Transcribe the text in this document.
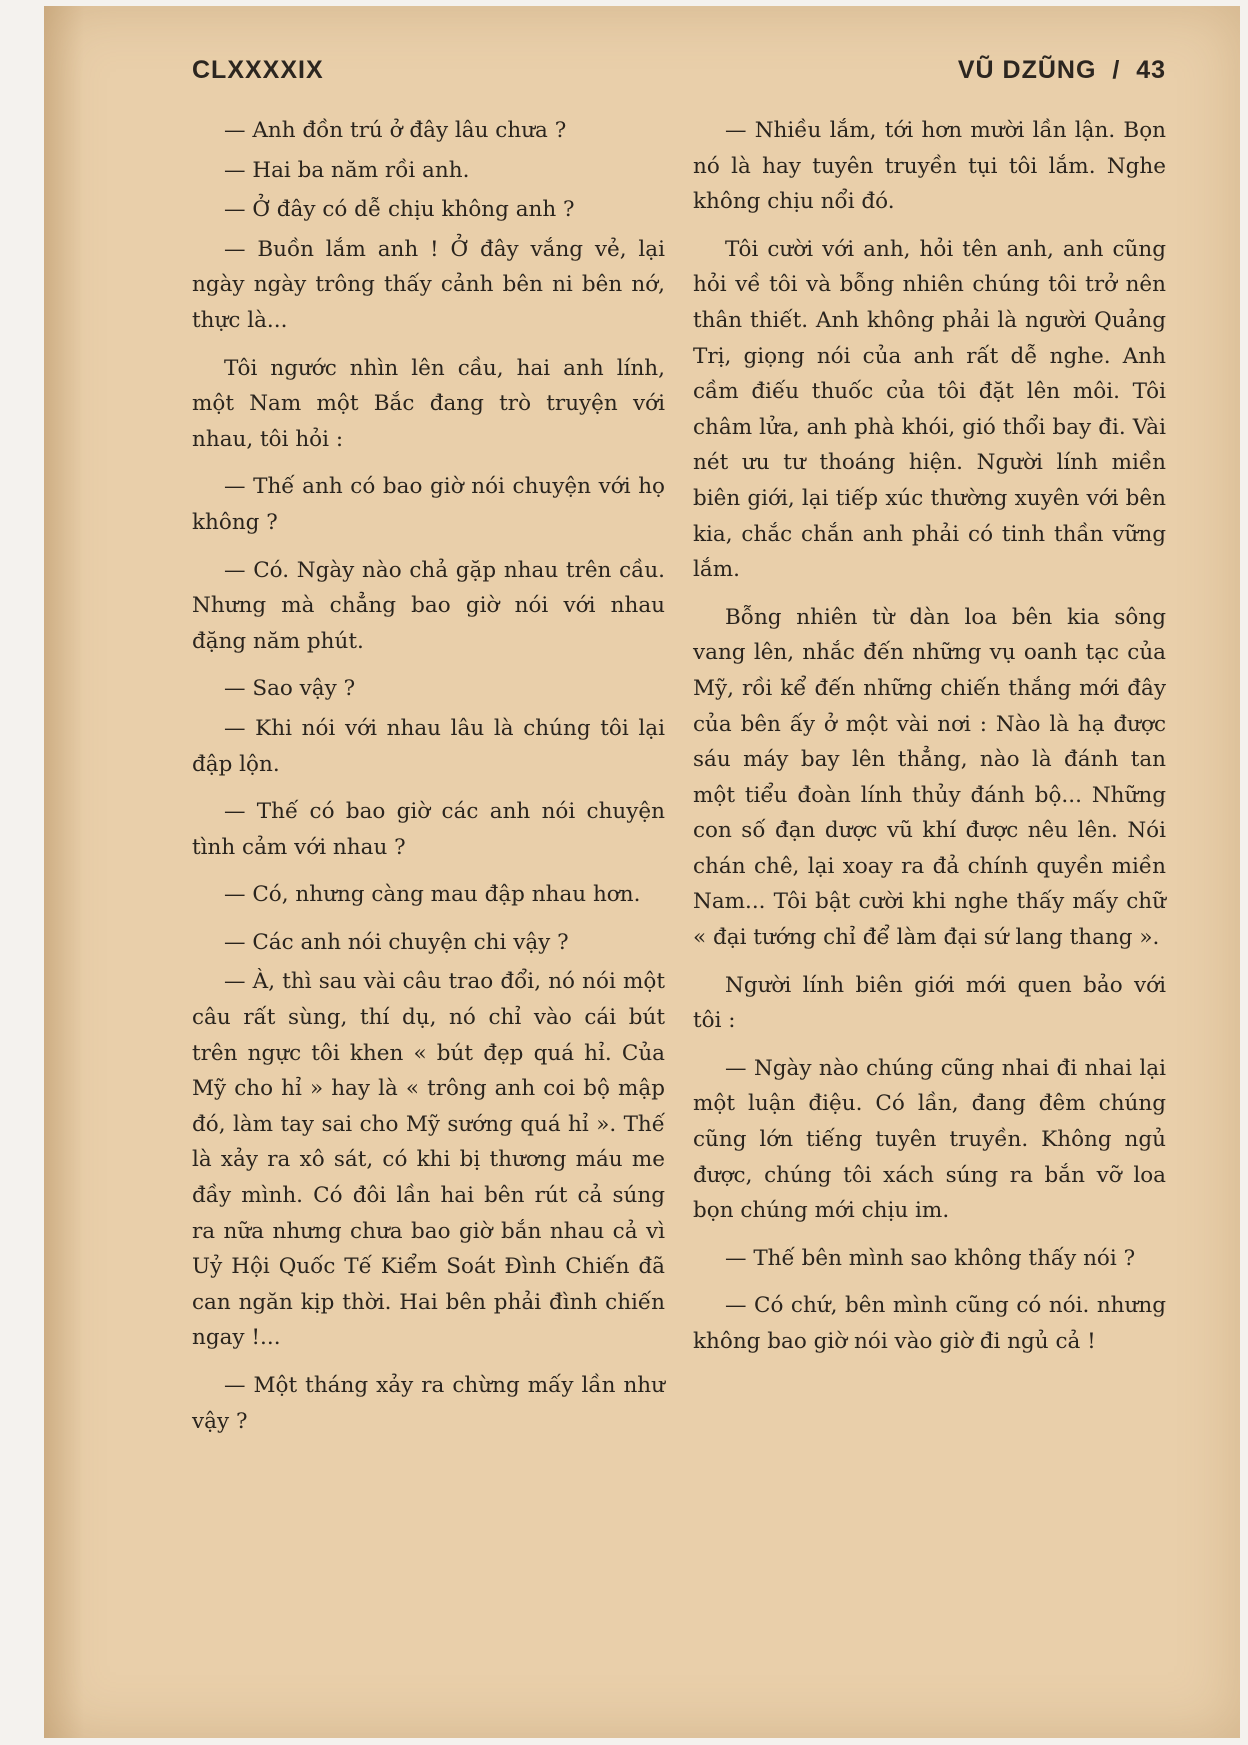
CLXXXXIX	VŨ DZŨNG / 43

— Anh đồn trú ở đây lâu chưa ?

— Hai ba năm rồi anh.

— Ở đây có dễ chịu không anh ?

— Buồn lắm anh ! Ở đây vắng vẻ, lại ngày ngày trông thấy cảnh bên ni bên nớ, thực là...

Tôi ngước nhìn lên cầu, hai anh lính, một Nam một Bắc đang trò truyện với nhau, tôi hỏi :

— Thế anh có bao giờ nói chuyện với họ không ?

— Có. Ngày nào chả gặp nhau trên cầu. Nhưng mà chẳng bao giờ nói với nhau đặng năm phút.

— Sao vậy ?

— Khi nói với nhau lâu là chúng tôi lại đập lộn.

— Thế có bao giờ các anh nói chuyện tình cảm với nhau ?

— Có, nhưng càng mau đập nhau hơn.

— Các anh nói chuyện chi vậy ?

— À, thì sau vài câu trao đổi, nó nói một câu rất sùng, thí dụ, nó chỉ vào cái bút trên ngực tôi khen « bút đẹp quá hỉ. Của Mỹ cho hỉ » hay là « trông anh coi bộ mập đó, làm tay sai cho Mỹ sướng quá hỉ ». Thế là xảy ra xô sát, có khi bị thương máu me đầy mình. Có đôi lần hai bên rút cả súng ra nữa nhưng chưa bao giờ bắn nhau cả vì Uỷ Hội Quốc Tế Kiểm Soát Đình Chiến đã can ngăn kịp thời. Hai bên phải đình chiến ngay !...

— Một tháng xảy ra chừng mấy lần như vậy ?

— Nhiều lắm, tới hơn mười lần lận. Bọn nó là hay tuyên truyền tụi tôi lắm. Nghe không chịu nổi đó.

Tôi cười với anh, hỏi tên anh, anh cũng hỏi về tôi và bỗng nhiên chúng tôi trở nên thân thiết. Anh không phải là người Quảng Trị, giọng nói của anh rất dễ nghe. Anh cầm điếu thuốc của tôi đặt lên môi. Tôi châm lửa, anh phà khói, gió thổi bay đi. Vài nét ưu tư thoáng hiện. Người lính miền biên giới, lại tiếp xúc thường xuyên với bên kia, chắc chắn anh phải có tinh thần vững lắm.

Bỗng nhiên từ dàn loa bên kia sông vang lên, nhắc đến những vụ oanh tạc của Mỹ, rồi kể đến những chiến thắng mới đây của bên ấy ở một vài nơi : Nào là hạ được sáu máy bay lên thẳng, nào là đánh tan một tiểu đoàn lính thủy đánh bộ... Những con số đạn dược vũ khí được nêu lên. Nói chán chê, lại xoay ra đả chính quyền miền Nam... Tôi bật cười khi nghe thấy mấy chữ « đại tướng chỉ để làm đại sứ lang thang ».

Người lính biên giới mới quen bảo với tôi :

— Ngày nào chúng cũng nhai đi nhai lại một luận điệu. Có lần, đang đêm chúng cũng lớn tiếng tuyên truyền. Không ngủ được, chúng tôi xách súng ra bắn vỡ loa bọn chúng mới chịu im.

— Thế bên mình sao không thấy nói ?

— Có chứ, bên mình cũng có nói. nhưng không bao giờ nói vào giờ đi ngủ cả !
